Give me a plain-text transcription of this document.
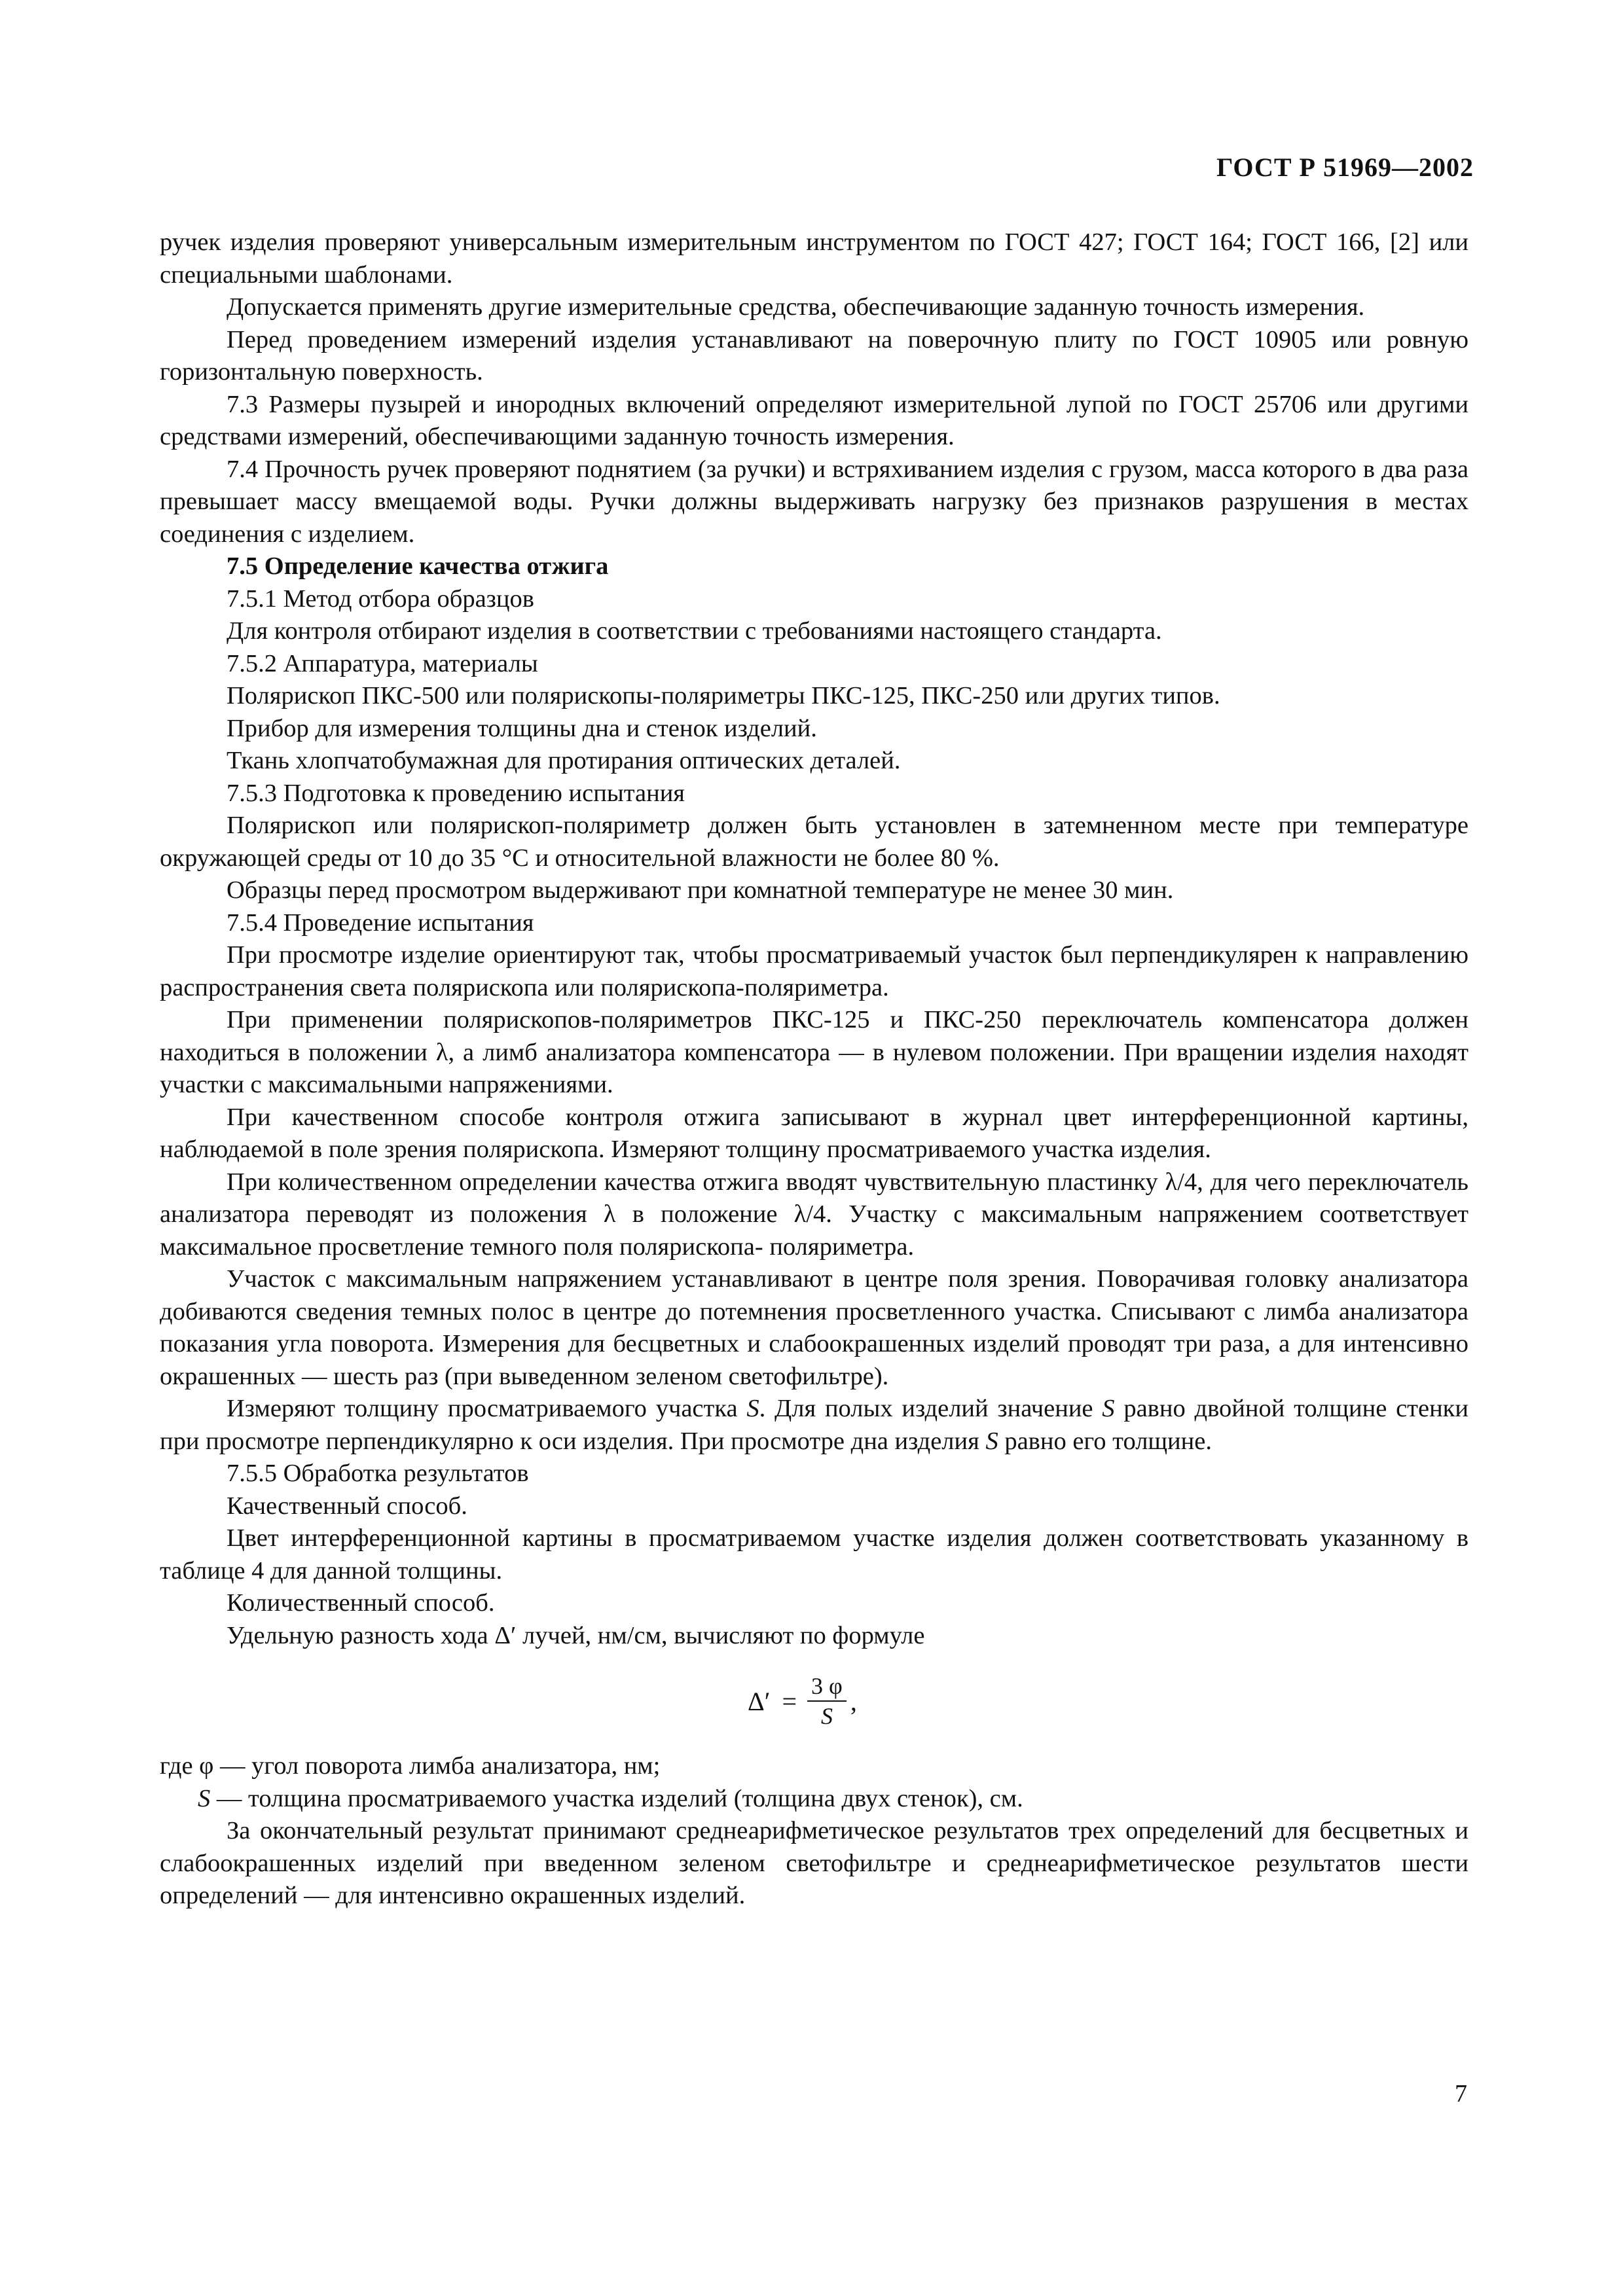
ГОСТ Р 51969—2002

ручек изделия проверяют универсальным измерительным инструментом по ГОСТ 427; ГОСТ 164; ГОСТ 166, [2] или специальными шаблонами.

Допускается применять другие измерительные средства, обеспечивающие заданную точность измерения.

Перед проведением измерений изделия устанавливают на поверочную плиту по ГОСТ 10905 или ровную горизонтальную поверхность.

7.3 Размеры пузырей и инородных включений определяют измерительной лупой по ГОСТ 25706 или другими средствами измерений, обеспечивающими заданную точность измерения.

7.4 Прочность ручек проверяют поднятием (за ручки) и встряхиванием изделия с грузом, масса которого в два раза превышает массу вмещаемой воды. Ручки должны выдерживать нагрузку без признаков разрушения в местах соединения с изделием.

7.5 Определение качества отжига

7.5.1 Метод отбора образцов

Для контроля отбирают изделия в соответствии с требованиями настоящего стандарта.

7.5.2 Аппаратура, материалы

Полярископ ПКС-500 или полярископы-поляриметры ПКС-125, ПКС-250 или других типов.

Прибор для измерения толщины дна и стенок изделий.

Ткань хлопчатобумажная для протирания оптических деталей.

7.5.3 Подготовка к проведению испытания

Полярископ или полярископ-поляриметр должен быть установлен в затемненном месте при температуре окружающей среды от 10 до 35 °С и относительной влажности не более 80 %.

Образцы перед просмотром выдерживают при комнатной температуре не менее 30 мин.

7.5.4 Проведение испытания

При просмотре изделие ориентируют так, чтобы просматриваемый участок был перпендикулярен к направлению распространения света полярископа или полярископа-поляриметра.

При применении полярископов-поляриметров ПКС-125 и ПКС-250 переключатель компенсатора должен находиться в положении λ, а лимб анализатора компенсатора — в нулевом положении. При вращении изделия находят участки с максимальными напряжениями.

При качественном способе контроля отжига записывают в журнал цвет интерференционной картины, наблюдаемой в поле зрения полярископа. Измеряют толщину просматриваемого участка изделия.

При количественном определении качества отжига вводят чувствительную пластинку λ/4, для чего переключатель анализатора переводят из положения λ в положение λ/4. Участку с максимальным напряжением соответствует максимальное просветление темного поля полярископа- поляриметра.

Участок с максимальным напряжением устанавливают в центре поля зрения. Поворачивая головку анализатора добиваются сведения темных полос в центре до потемнения просветленного участка. Списывают с лимба анализатора показания угла поворота. Измерения для бесцветных и слабоокрашенных изделий проводят три раза, а для интенсивно окрашенных — шесть раз (при выведенном зеленом светофильтре).

Измеряют толщину просматриваемого участка S. Для полых изделий значение S равно двойной толщине стенки при просмотре перпендикулярно к оси изделия. При просмотре дна изделия S равно его толщине.

7.5.5 Обработка результатов

Качественный способ.

Цвет интерференционной картины в просматриваемом участке изделия должен соответствовать указанному в таблице 4 для данной толщины.

Количественный способ.

Удельную разность хода Δ′ лучей, нм/см, вычисляют по формуле

$\Delta' = \frac{3 \varphi}{S}$ ,

где φ — угол поворота лимба анализатора, нм;

S — толщина просматриваемого участка изделий (толщина двух стенок), см.

За окончательный результат принимают среднеарифметическое результатов трех определений для бесцветных и слабоокрашенных изделий при введенном зеленом светофильтре и среднеарифметическое результатов шести определений — для интенсивно окрашенных изделий.

7
